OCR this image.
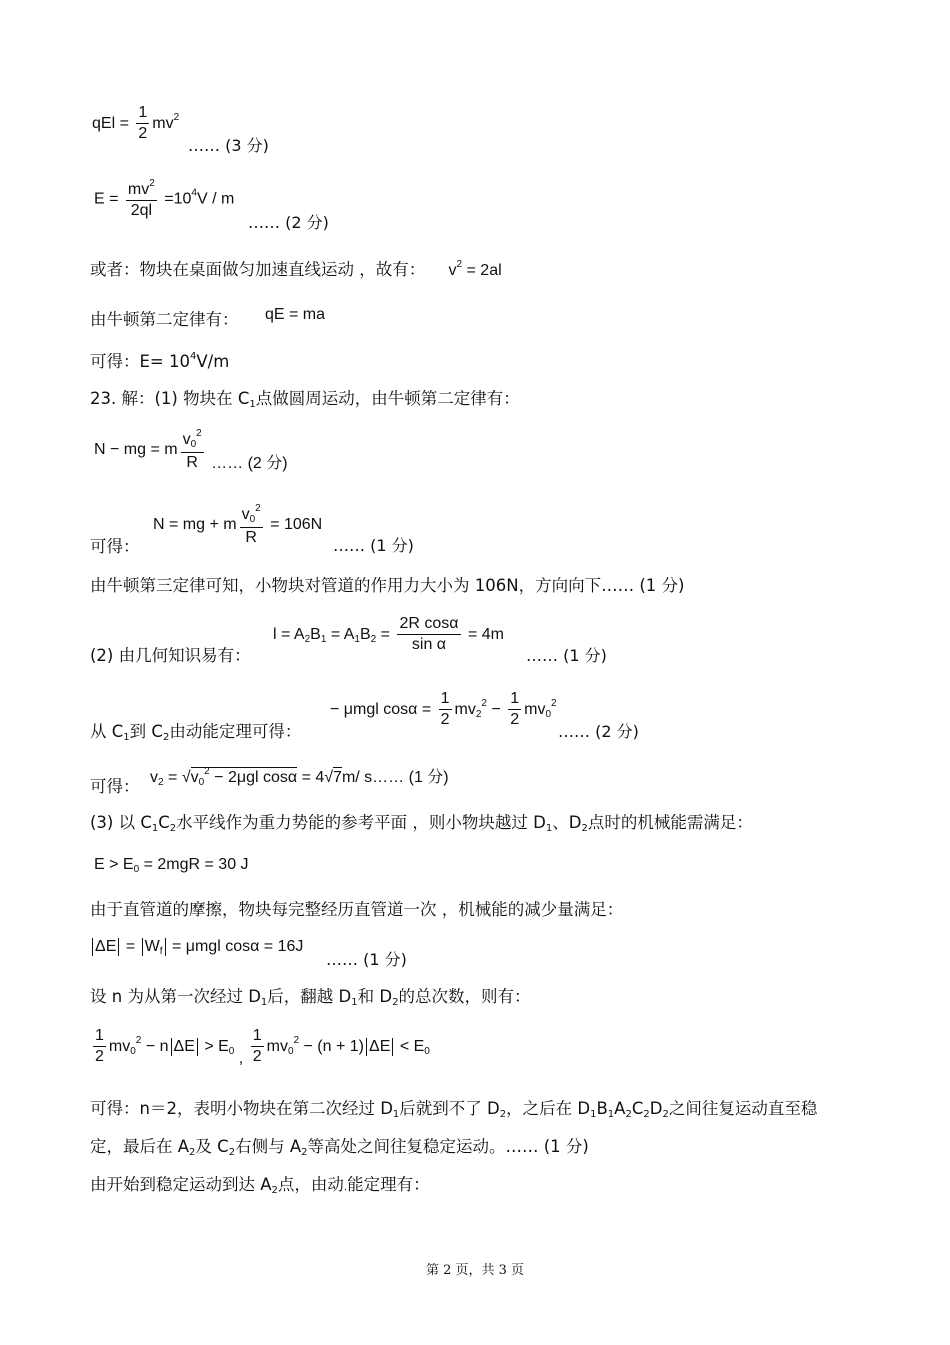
qEl = $\frac{1}{2} mv^2$
…… (3 分)
$E = \frac{mv^2}{2ql} =10^4V / m$
…… (2 分)
或者：物块在桌面做匀加速直线运动 ，故有： $v^2 = 2al$
由牛顿第二定律有： qE = ma
可得：$E= 10^4V/m$
23. 解：(1) 物块在 $C_1$点做圆周运动，由牛顿第二定律有：
N − mg = m $\frac{v_0^2}{R}$ …… (2 分)
可得：
N = mg + m $\frac{v_0^2}{R} = 106N$
…… (1 分)
由牛顿第三定律可知，小物块对管道的作用力大小为 106N，方向向下…… (1 分)
(2) 由几何知识易有：
$l = A_2B_1 = A_1B_2 = \frac{\text{2R cosα}}{\text{sin α}} = 4m$
…… (1 分)
从 $C_1$到 $C_2$由动能定理可得：
− μmgl $\cos\alpha = \frac{1}{2} mv_2^2 - \frac{1}{2} mv_0^2$
…… (2 分)
可得： $v_2 = √v_0^2 - 2\mu gl$ cosα = 4√7m/ s…… (1 分)
(3) 以 $C_1C_2$水平线作为重力势能的参考平面 ，则小物块越过 $D_1$、$D_2$点时的机械能需满足：
$E > E_0 = 2mgR = 30$ J
由于直管道的摩擦，物块每完整经历直管道一次 ，机械能的减少量满足：
$\Delta E = W_f = \mu mgl$ cosα = 16J
…… (1 分)
设 n 为从第一次经过 $D_1$后，翻越 $D_1$和 $D_2$的总次数，则有：
$\frac{1}{2} mv_0^2 - n$ $\Delta E > E_0$ , $\frac{1}{2} mv_0^2 - (n + 1) \Delta E < E_0$
可得：n＝2，表明小物块在第二次经过 $D_1$后就到不了 $D_2$，之后在 $D_1B_1A_2C_2D_2$之间往复运动直至稳
定，最后在 $A_2$及 $C_2$右侧与 $A_2$等高处之间往复稳定运动。…… (1 分)
由开始到稳定运动到达 $A_2$点，由动.能定理有：
第 2 页，共 3 页
